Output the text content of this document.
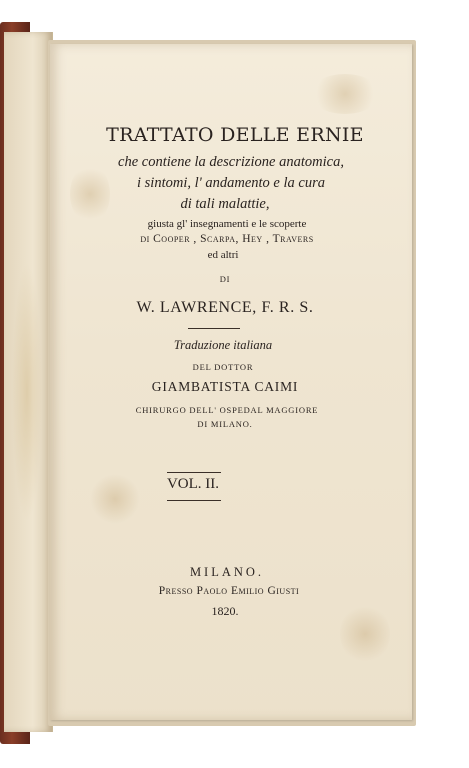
TRATTATO DELLE ERNIE
che contiene la descrizione anatomica,
i sintomi, l' andamento e la cura
di tali malattie,
giusta gl' insegnamenti e le scoperte
di Cooper , Scarpa, Hey , Travers
ed altri
DI
W. LAWRENCE, F. R. S.
Traduzione italiana
DEL DOTTOR
GIAMBATISTA CAIMI
CHIRURGO DELL' OSPEDAL MAGGIORE
DI MILANO.
VOL. II.
MILANO.
Presso Paolo Emilio Giusti
1820.
